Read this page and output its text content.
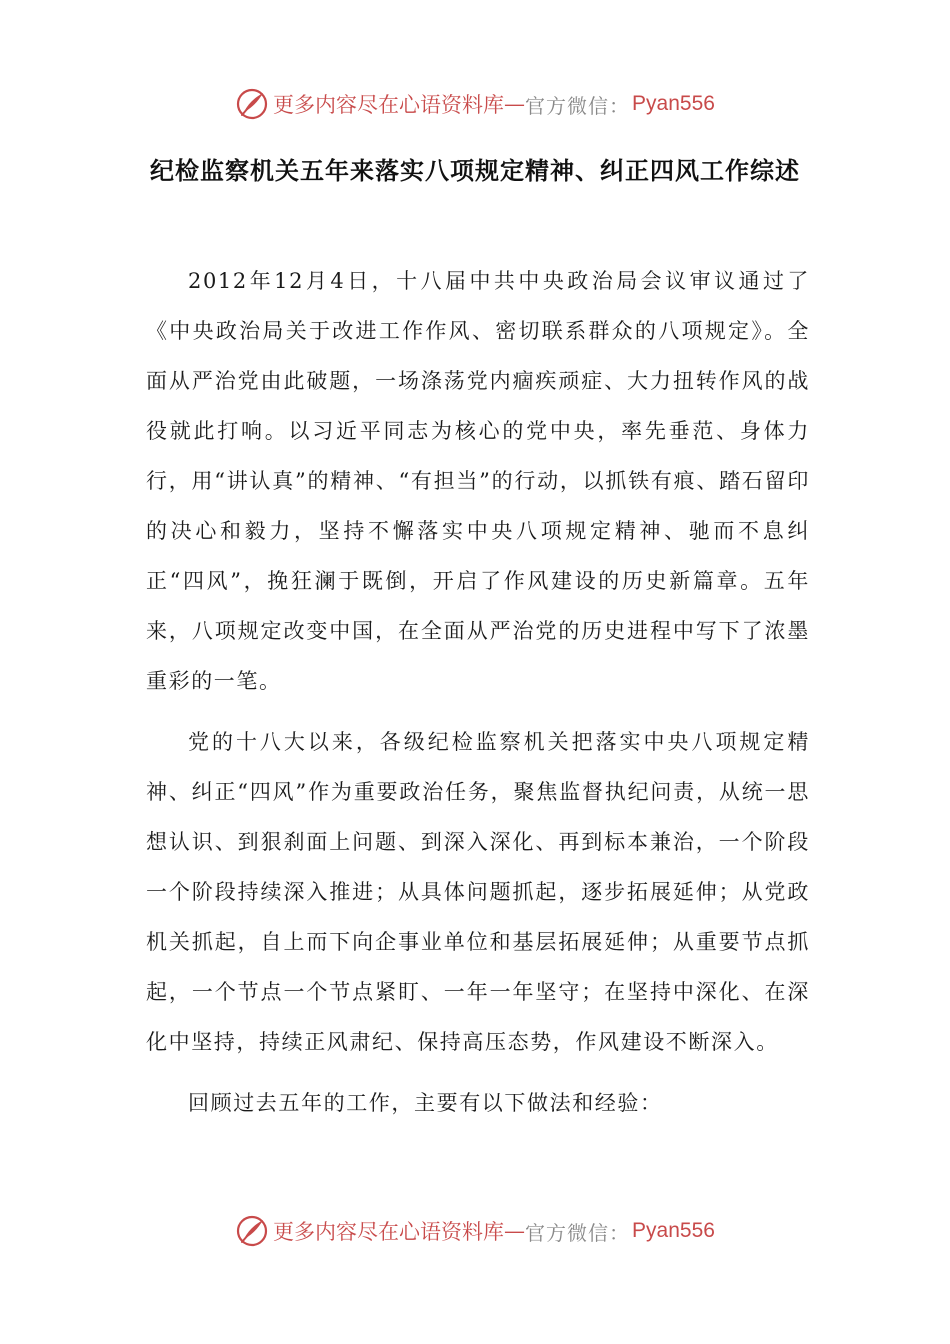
更多内容尽在心语资料库 — 官方微信： Pyan556
纪检监察机关五年来落实八项规定精神、纠正四风工作综述

2012年12月4日，十八届中共中央政治局会议审议通过了《中央政治局关于改进工作作风、密切联系群众的八项规定》。全面从严治党由此破题，一场涤荡党内痼疾顽症、大力扭转作风的战役就此打响。以习近平同志为核心的党中央，率先垂范、身体力行，用“讲认真”的精神、“有担当”的行动，以抓铁有痕、踏石留印的决心和毅力，坚持不懈落实中央八项规定精神、驰而不息纠正“四风”，挽狂澜于既倒，开启了作风建设的历史新篇章。五年来，八项规定改变中国，在全面从严治党的历史进程中写下了浓墨重彩的一笔。

党的十八大以来，各级纪检监察机关把落实中央八项规定精神、纠正“四风”作为重要政治任务，聚焦监督执纪问责，从统一思想认识、到狠刹面上问题、到深入深化、再到标本兼治，一个阶段一个阶段持续深入推进；从具体问题抓起，逐步拓展延伸；从党政机关抓起，自上而下向企事业单位和基层拓展延伸；从重要节点抓起，一个节点一个节点紧盯、一年一年坚守；在坚持中深化、在深化中坚持，持续正风肃纪、保持高压态势，作风建设不断深入。

回顾过去五年的工作，主要有以下做法和经验：

更多内容尽在心语资料库 — 官方微信： Pyan556
